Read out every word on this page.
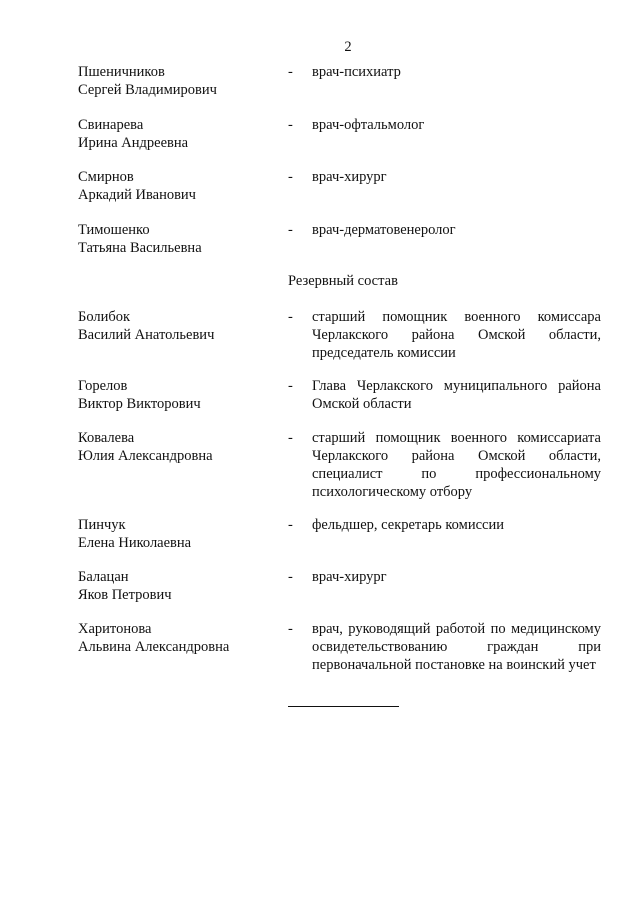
2
Пшеничников
Сергей Владимирович
- врач-психиатр
Свинарева
Ирина Андреевна
- врач-офтальмолог
Смирнов
Аркадий Иванович
- врач-хирург
Тимошенко
Татьяна Васильевна
- врач-дерматовенеролог
Резервный состав
Болибок
Василий Анатольевич
- старший помощник военного комиссара Черлакского района Омской области, председатель комиссии
Горелов
Виктор Викторович
- Глава Черлакского муниципального района Омской области
Ковалева
Юлия Александровна
- старший помощник военного комиссариата Черлакского района Омской области, специалист по профессиональному психологическому отбору
Пинчук
Елена Николаевна
- фельдшер, секретарь комиссии
Балацан
Яков Петрович
- врач-хирург
Харитонова
Альвина Александровна
- врач, руководящий работой по медицинскому освидетельствованию граждан при первоначальной постановке на воинский учет
